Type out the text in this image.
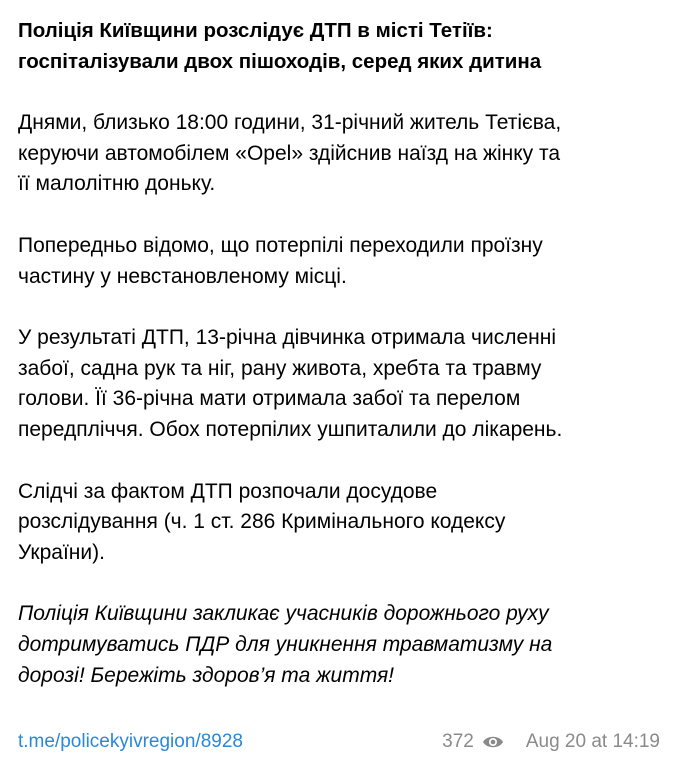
Поліція Київщини розслідує ДТП в місті Тетіїв:
госпіталізували двох пішоходів, серед яких дитина
Днями, близько 18:00 години, 31-річний житель Тетієва,
керуючи автомобілем «Opel» здійснив наїзд на жінку та
її малолітню доньку.
Попередньо відомо, що потерпілі переходили проїзну
частину у невстановленому місці.
У результаті ДТП, 13-річна дівчинка отримала численні
забої, садна рук та ніг, рану живота, хребта та травму
голови. Її 36-річна мати отримала забої та перелом
передпліччя. Обох потерпілих ушпиталили до лікарень.
Слідчі за фактом ДТП розпочали досудове
розслідування (ч. 1 ст. 286 Кримінального кодексу
України).
Поліція Київщини закликає учасників дорожнього руху
дотримуватись ПДР для уникнення травматизму на
дорозі! Бережіть здоров’я та життя!
t.me/policekyivregion/8928	372	Aug 20 at 14:19
